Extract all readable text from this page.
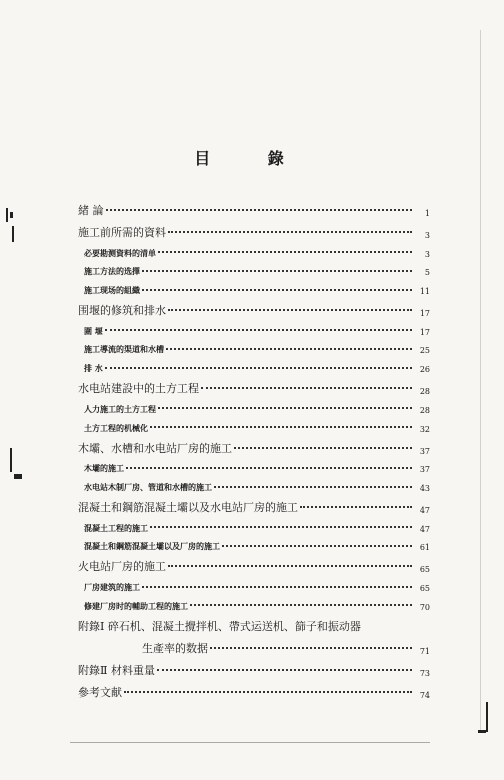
目 錄
緒 論	1
施工前所需的資料	3
必要勘测資料的清单	3
施工方法的选擇	5
施工现场的組織	11
围堰的修筑和排水	17
圍 堰	17
施工導流的渠道和水槽	25
排 水	26
水电站建設中的土方工程	28
人力施工的土方工程	28
土方工程的机械化	32
木壩、水槽和水电站厂房的施工	37
木壩的施工	37
水电站木制厂房、管道和水槽的施工	43
混凝土和鋼筋混凝土壩以及水电站厂房的施工	47
混凝土工程的施工	47
混凝土和鋼筋混凝土壩以及厂房的施工	61
火电站厂房的施工	65
厂房建筑的施工	65
修建厂房时的輔助工程的施工	70
附錄Ⅰ 碎石机、混凝土攪拌机、帶式运送机、篩子和振动器
生產率的数据	71
附錄Ⅱ 材料重量	73
參考文献	74
